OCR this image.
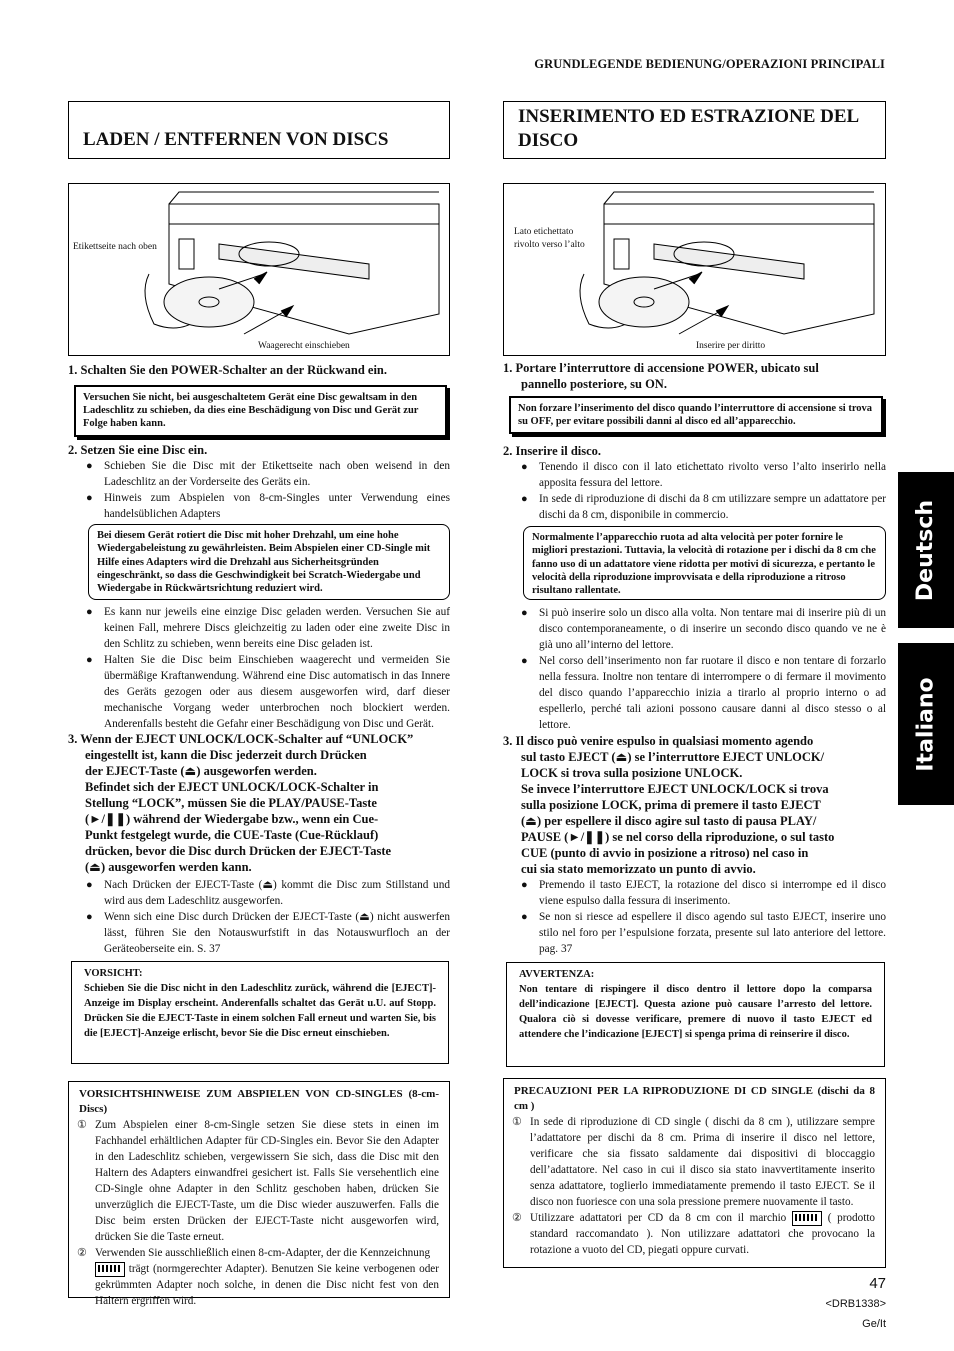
GRUNDLEGENDE BEDIENUNG/OPERAZIONI PRINCIPALI
Deutsch
Italiano
LADEN / ENTFERNEN VON DISCS
Etikettseite nach oben
Waagerecht einschieben
1. Schalten Sie den POWER-Schalter an der Rückwand ein.
Versuchen Sie nicht, bei ausgeschaltetem Gerät eine Disc gewaltsam in den Ladeschlitz zu schieben, da dies eine Beschädigung von Disc und Gerät zur Folge haben kann.
2. Setzen Sie eine Disc ein.
● Schieben Sie die Disc mit der Etikettseite nach oben weisend in den Ladeschlitz an der Vorderseite des Geräts ein.
● Hinweis zum Abspielen von 8-cm-Singles unter Verwendung eines handelsüblichen Adapters
Bei diesem Gerät rotiert die Disc mit hoher Drehzahl, um eine hohe Wiedergabeleistung zu gewährleisten. Beim Abspielen einer CD-Single mit Hilfe eines Adapters wird die Drehzahl aus Sicherheitsgründen eingeschränkt, so dass die Geschwindigkeit bei Scratch-Wiedergabe und Wiedergabe in Rückwärtsrichtung reduziert wird.
● Es kann nur jeweils eine einzige Disc geladen werden. Versuchen Sie auf keinen Fall, mehrere Discs gleichzeitig zu laden oder eine zweite Disc in den Schlitz zu schieben, wenn bereits eine Disc geladen ist.
● Halten Sie die Disc beim Einschieben waagerecht und vermeiden Sie übermäßige Kraftanwendung. Während eine Disc automatisch in das Innere des Geräts gezogen oder aus diesem ausgeworfen wird, darf dieser mechanische Vorgang weder unterbrochen noch blockiert werden. Anderenfalls besteht die Gefahr einer Beschädigung von Disc und Gerät.
3. Wenn der EJECT UNLOCK/LOCK-Schalter auf “UNLOCK”
eingestellt ist, kann die Disc jederzeit durch Drücken
der EJECT-Taste (⏏) ausgeworfen werden.
Befindet sich der EJECT UNLOCK/LOCK-Schalter in
Stellung “LOCK”, müssen Sie die PLAY/PAUSE-Taste
(►/❚❚) während der Wiedergabe bzw., wenn ein Cue-
Punkt festgelegt wurde, die CUE-Taste (Cue-Rücklauf)
drücken, bevor die Disc durch Drücken der EJECT-Taste
(⏏) ausgeworfen werden kann.
● Nach Drücken der EJECT-Taste (⏏) kommt die Disc zum Stillstand und wird aus dem Ladeschlitz ausgeworfen.
● Wenn sich eine Disc durch Drücken der EJECT-Taste (⏏) nicht auswerfen lässt, führen Sie den Notauswurfstift in das Notauswurfloch an der Geräteoberseite ein. S. 37
VORSICHT:
Schieben Sie die Disc nicht in den Ladeschlitz zurück, während die [EJECT]-Anzeige im Display erscheint. Anderenfalls schaltet das Gerät u.U. auf Stopp. Drücken Sie die EJECT-Taste in einem solchen Fall erneut und warten Sie, bis die [EJECT]-Anzeige erlischt, bevor Sie die Disc erneut einschieben.
VORSICHTSHINWEISE ZUM ABSPIELEN VON CD-SINGLES (8-cm-Discs)
① Zum Abspielen einer 8-cm-Single setzen Sie diese stets in einen im Fachhandel erhältlichen Adapter für CD-Singles ein. Bevor Sie den Adapter in den Ladeschlitz schieben, vergewissern Sie sich, dass die Disc mit den Haltern des Adapters einwandfrei gesichert ist. Falls Sie versehentlich eine CD-Single ohne Adapter in den Schlitz geschoben haben, drücken Sie unverzüglich die EJECT-Taste, um die Disc wieder auszuwerfen. Falls die Disc beim ersten Drücken der EJECT-Taste nicht ausgeworfen wird, drücken Sie die Taste erneut.
② Verwenden Sie ausschließlich einen 8-cm-Adapter, der die Kennzeichnung
trägt (normgerechter Adapter). Benutzen Sie keine verbogenen oder gekrümmten Adapter noch solche, in denen die Disc nicht fest von den Haltern ergriffen wird.
INSERIMENTO ED ESTRAZIONE DEL
DISCO
Lato etichettato
rivolto verso l’alto
Inserire per diritto
1. Portare l’interruttore di accensione POWER, ubicato sul
pannello posteriore, su ON.
Non forzare l’inserimento del disco quando l’interruttore di accensione si trova su OFF, per evitare possibili danni al disco ed all’apparecchio.
2. Inserire il disco.
● Tenendo il disco con il lato etichettato rivolto verso l’alto inserirlo nella apposita fessura del lettore.
● In sede di riproduzione di dischi da 8 cm utilizzare sempre un adattatore per dischi da 8 cm, disponibile in commercio.
Normalmente l’apparecchio ruota ad alta velocità per poter fornire le migliori prestazioni. Tuttavia, la velocità di rotazione per i dischi da 8 cm che fanno uso di un adattatore viene ridotta per motivi di sicurezza, e pertanto le velocità della riproduzione improvvisata e della riproduzione a ritroso risultano rallentate.
● Si può inserire solo un disco alla volta. Non tentare mai di inserire più di un disco contemporaneamente, o di inserire un secondo disco quando ve ne è già uno all’interno del lettore.
● Nel corso dell’inserimento non far ruotare il disco e non tentare di forzarlo nella fessura. Inoltre non tentare di interrompere o di fermare il movimento del disco quando l’apparecchio inizia a tirarlo al proprio interno o ad espellerlo, perché tali azioni possono causare danni al disco stesso o al lettore.
3. Il disco può venire espulso in qualsiasi momento agendo
sul tasto EJECT (⏏) se l’interruttore EJECT UNLOCK/
LOCK si trova sulla posizione UNLOCK.
Se invece l’interruttore EJECT UNLOCK/LOCK si trova
sulla posizione LOCK, prima di premere il tasto EJECT
(⏏) per espellere il disco agire sul tasto di pausa PLAY/
PAUSE (►/❚❚) se nel corso della riproduzione, o sul tasto
CUE (punto di avvio in posizione a ritroso) nel caso in
cui sia stato memorizzato un punto di avvio.
● Premendo il tasto EJECT, la rotazione del disco si interrompe ed il disco viene espulso dalla fessura di inserimento.
● Se non si riesce ad espellere il disco agendo sul tasto EJECT, inserire uno stilo nel foro per l’espulsione forzata, presente sul lato anteriore del lettore. pag. 37
AVVERTENZA:
Non tentare di rispingere il disco dentro il lettore dopo la comparsa dell’indicazione [EJECT]. Questa azione può causare l’arresto del lettore. Qualora ciò si dovesse verificare, premere di nuovo il tasto EJECT ed attendere che l’indicazione [EJECT] si spenga prima di reinserire il disco.
PRECAUZIONI PER LA RIPRODUZIONE DI CD SINGLE (dischi da 8 cm )
① In sede di riproduzione di CD single ( dischi da 8 cm ), utilizzare sempre l’adattatore per dischi da 8 cm. Prima di inserire il disco nel lettore, verificare che sia fissato saldamente dai dispositivi di bloccaggio dell’adattatore. Nel caso in cui il disco sia stato inavvertitamente inserito senza adattatore, toglierlo immediatamente premendo il tasto EJECT. Se il disco non fuoriesce con una sola pressione premere nuovamente il tasto.
② Utilizzare adattatori per CD da 8 cm con il marchio	( prodotto standard raccomandato ). Non utilizzare adattatori che provocano la rotazione a vuoto del CD, piegati oppure curvati.
47
<DRB1338>
Ge/It
